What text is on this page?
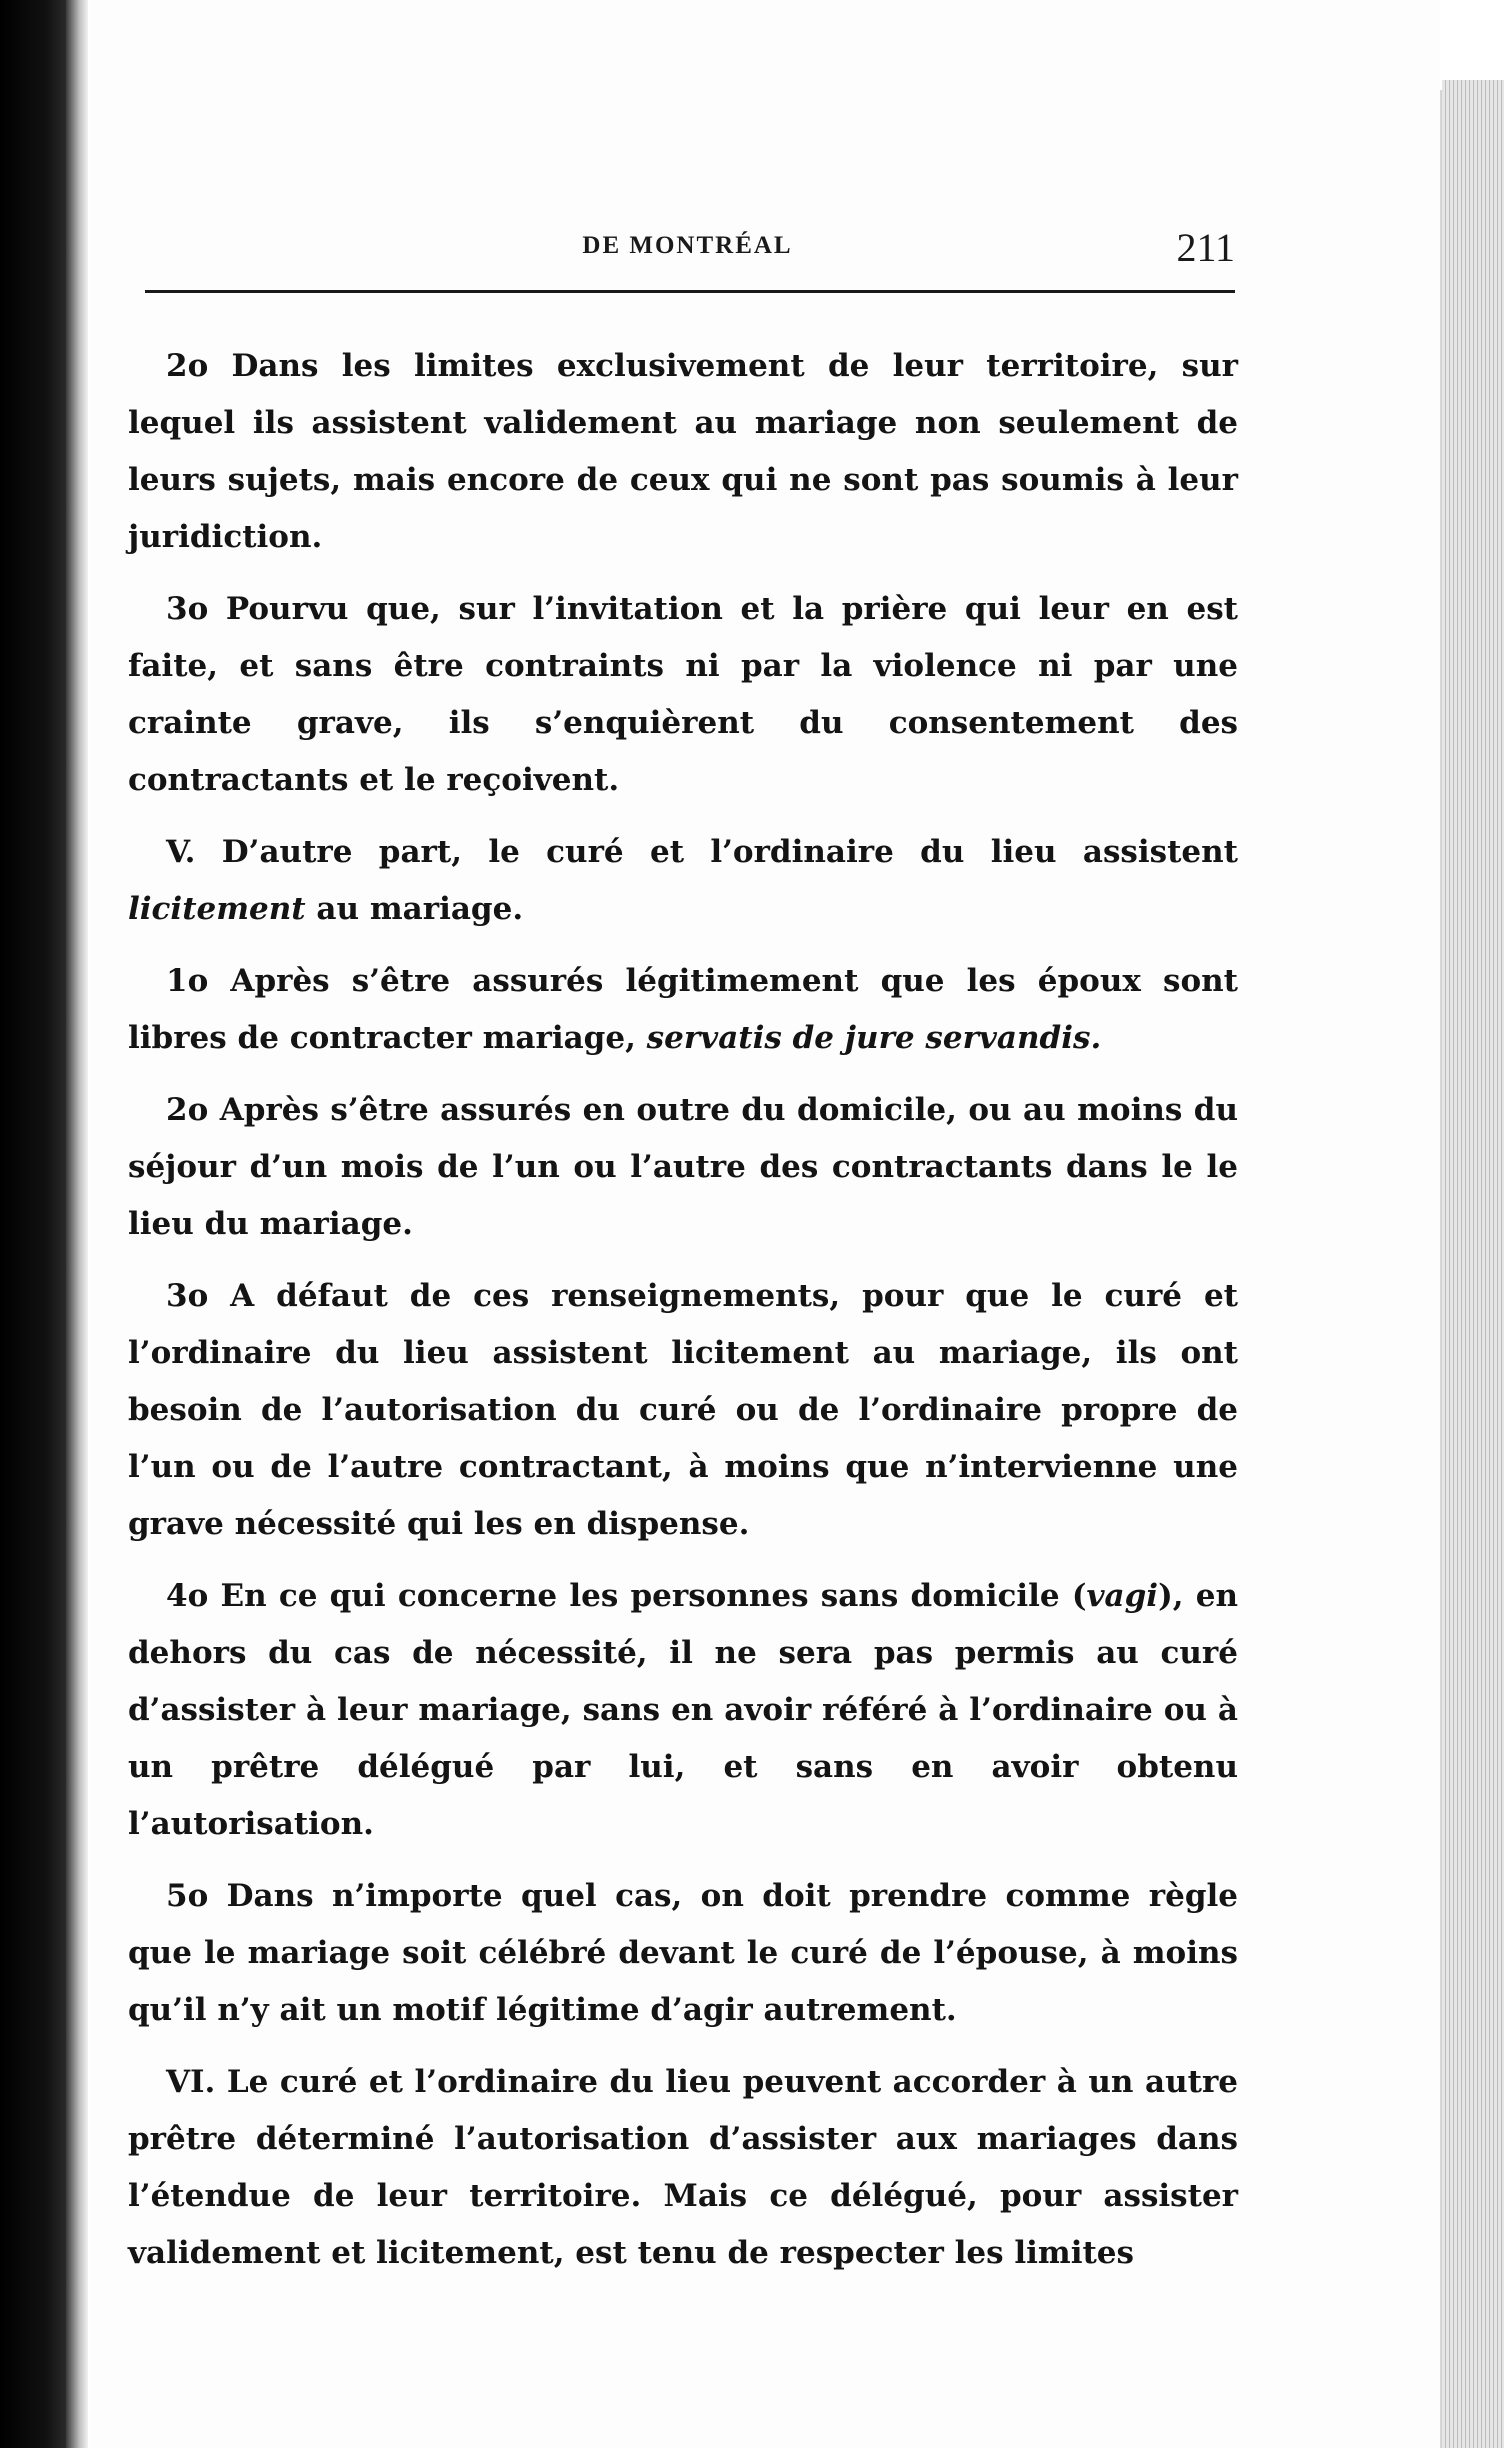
DE MONTRÉAL	211

2o Dans les limites exclusivement de leur territoire, sur lequel ils assistent validement au mariage non seulement de leurs sujets, mais encore de ceux qui ne sont pas soumis à leur juridiction.

3o Pourvu que, sur l’invitation et la prière qui leur en est faite, et sans être contraints ni par la violence ni par une crainte grave, ils s’enquièrent du consentement des contractants et le reçoivent.

V. D’autre part, le curé et l’ordinaire du lieu assistent licitement au mariage.

1o Après s’être assurés légitimement que les époux sont libres de contracter mariage, servatis de jure servandis.

2o Après s’être assurés en outre du domicile, ou au moins du séjour d’un mois de l’un ou l’autre des contractants dans le le lieu du mariage.

3o A défaut de ces renseignements, pour que le curé et l’ordinaire du lieu assistent licitement au mariage, ils ont besoin de l’autorisation du curé ou de l’ordinaire propre de l’un ou de l’autre contractant, à moins que n’intervienne une grave nécessité qui les en dispense.

4o En ce qui concerne les personnes sans domicile (vagi), en dehors du cas de nécessité, il ne sera pas permis au curé d’assister à leur mariage, sans en avoir référé à l’ordinaire ou à un prêtre délégué par lui, et sans en avoir obtenu l’autorisation.

5o Dans n’importe quel cas, on doit prendre comme règle que le mariage soit célébré devant le curé de l’épouse, à moins qu’il n’y ait un motif légitime d’agir autrement.

VI. Le curé et l’ordinaire du lieu peuvent accorder à un autre prêtre déterminé l’autorisation d’assister aux mariages dans l’étendue de leur territoire. Mais ce délégué, pour assister validement et licitement, est tenu de respecter les limites
